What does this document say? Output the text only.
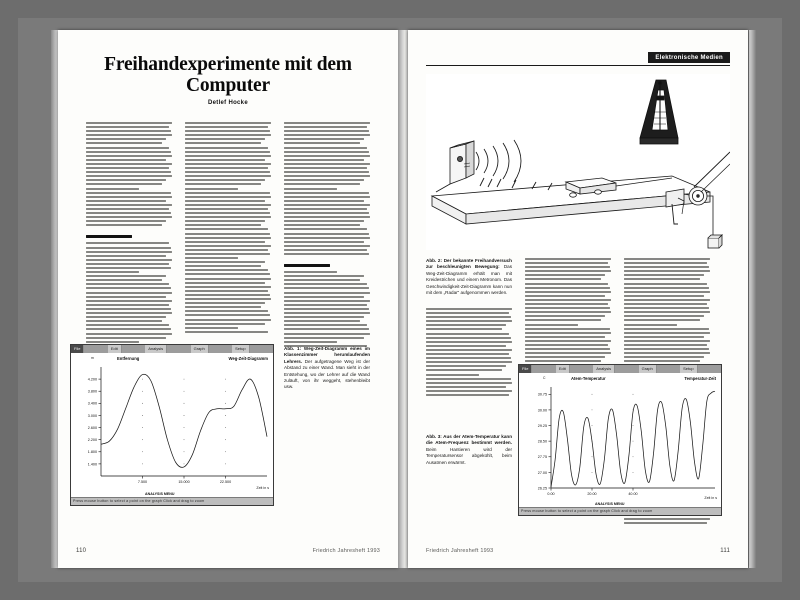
Freihandexperimente mit dem Computer
Detlef Hocke
File	Edit	Analysis	Graph	Setup
Entfernung	Weg-Zeit-Diagramm
m
ANALYSIS MENU
Zeit in s
1.400
1.800
2.200
2.600
3.000
3.400
3.800
4.200
7.500	15.000	22.500
Press mouse button to select a point on the graph Click and drag to zoom
Abb. 1: Weg-Zeit-Diagramm eines im Klassenzimmer herumlaufenden Lehrers. Der aufgetragene Weg ist der Abstand zu einer Wand. Man sieht in der Entstehung, wo der Lehrer auf die Wand zuläuft, von ihr weggeht, stehenbleibt usw.
110	Friedrich Jahresheft 1993
Elektronische Medien
Abb. 2: Der bekannte Freihandversuch zur beschleunigten Bewegung: Das Weg-Zeit-Diagramm erhält man mit Kreidestrichen und einem Metronom. Das Geschwindigkeit-Zeit-Diagramm kann nun mit dem „Radar“ aufgenommen werden.
Abb. 3: Aus der Atem-Temperatur kann die Atem-Frequenz bestimmt werden. Beim Hantieren wird der Temperatursensor abgekühlt, beim Ausatmen erwärmt.
File	Edit	Analysis	Graph	Setup
Atem-Temperatur	Temperatur-Zeit
C
ANALYSIS MENU
Zeit in s
26.25
27.00
27.75
28.50
29.25
30.00
30.75
0.00	20.00	40.00
Press mouse button to select a point on the graph Click and drag to zoom
Friedrich Jahresheft 1993	111
